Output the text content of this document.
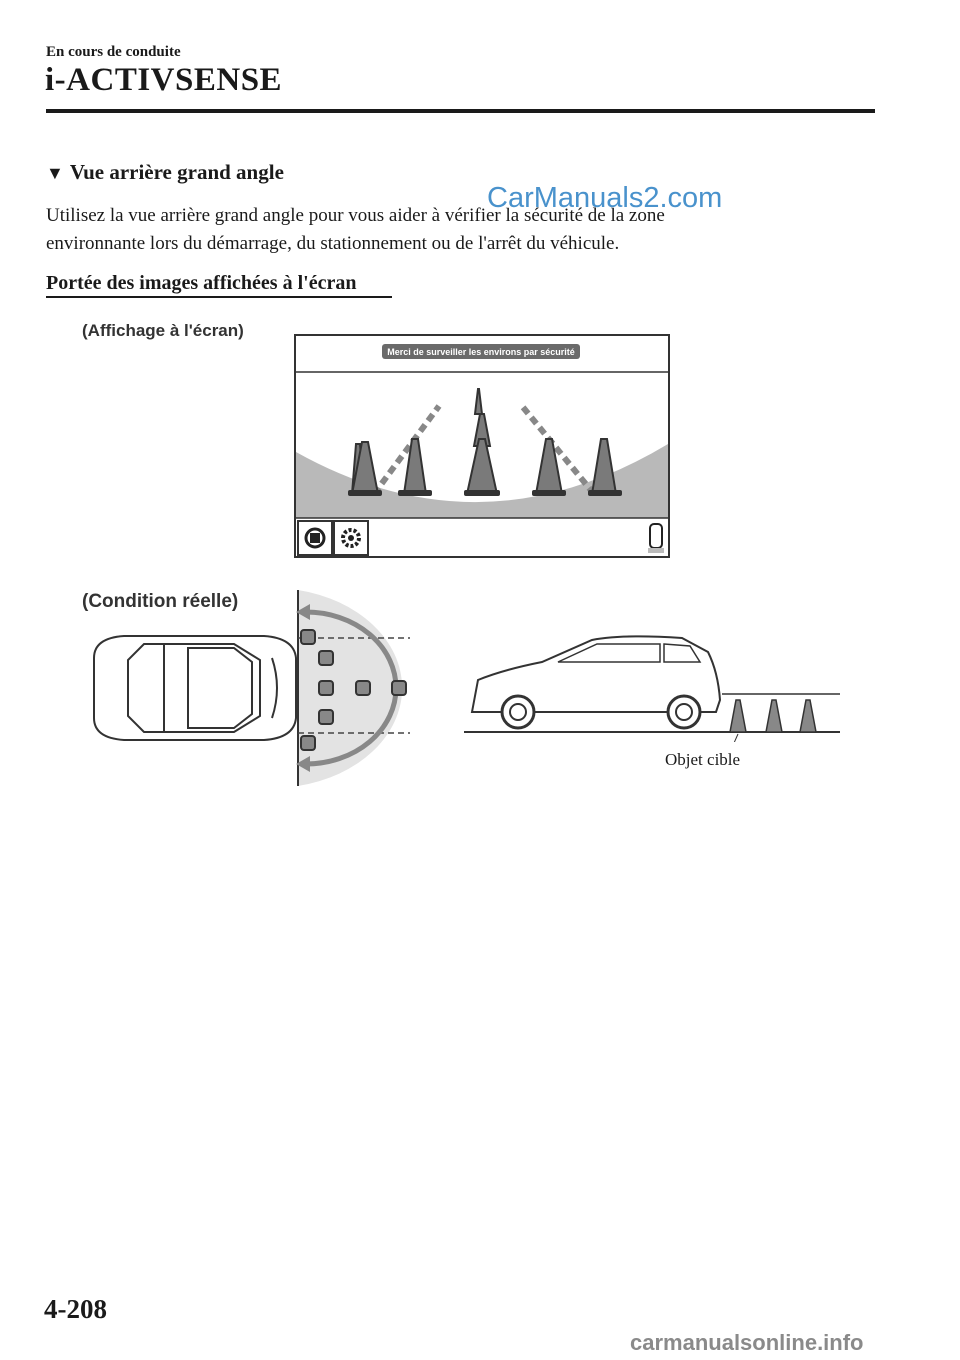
En cours de conduite
i-ACTIVSENSE
▼ Vue arrière grand angle
Utilisez la vue arrière grand angle pour vous aider à vérifier la sécurité de la zone
environnante lors du démarrage, du stationnement ou de l'arrêt du véhicule.
Portée des images affichées à l'écran
(Affichage à l'écran)
Merci de surveiller les environs par sécurité
(Condition réelle)
Objet cible
CarManuals2.com
4-208
carmanualsonline.info
